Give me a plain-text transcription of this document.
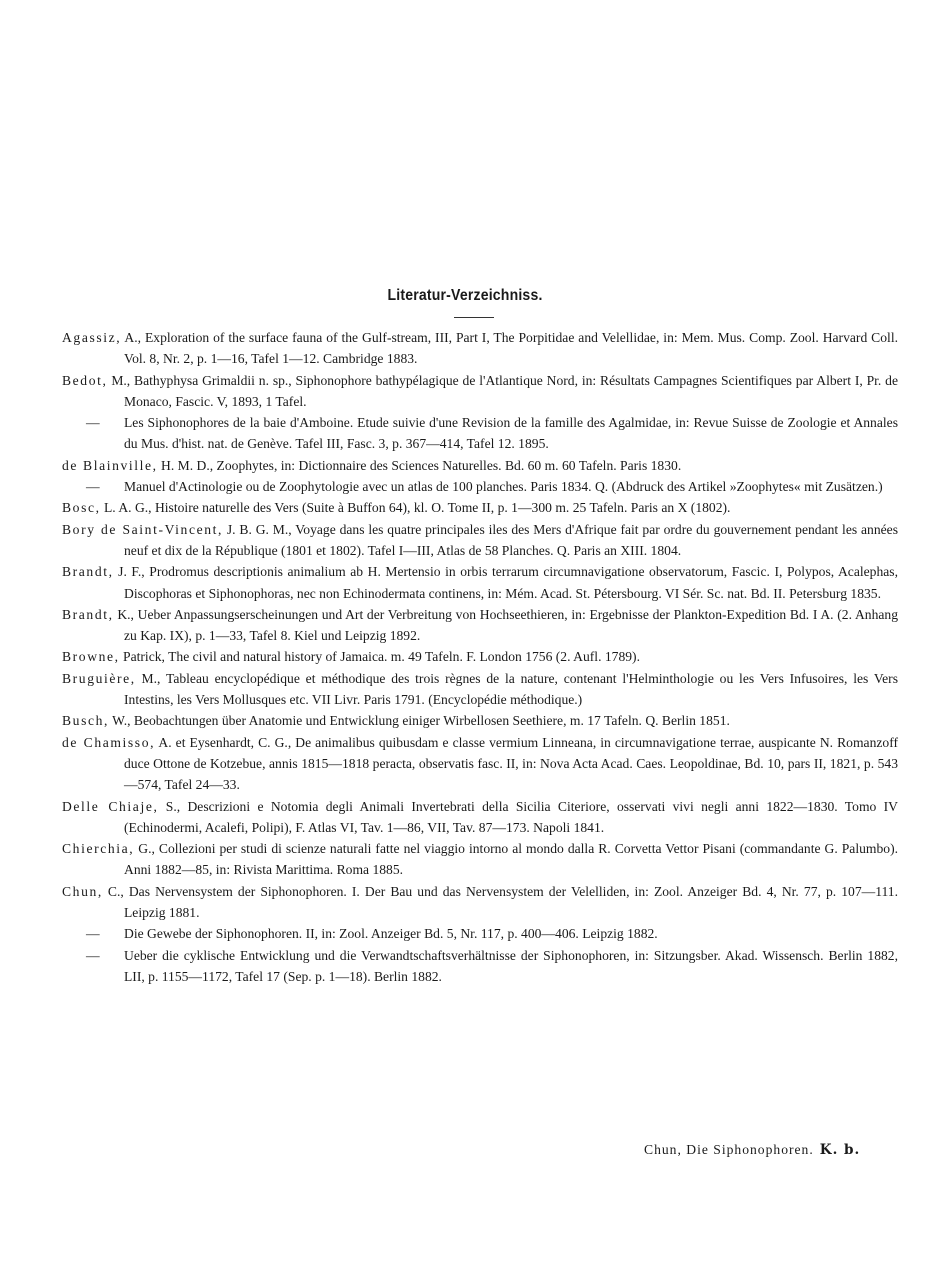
Literatur-Verzeichniss.

Agassiz, A., Exploration of the surface fauna of the Gulf-stream, III, Part I, The Porpitidae and Velellidae, in: Mem. Mus. Comp. Zool. Harvard Coll. Vol. 8, Nr. 2, p. 1—16, Tafel 1—12. Cambridge 1883.

Bedot, M., Bathyphysa Grimaldii n. sp., Siphonophore bathypélagique de l'Atlantique Nord, in: Résultats Campagnes Scientifiques par Albert I, Pr. de Monaco, Fascic. V, 1893, 1 Tafel.

— Les Siphonophores de la baie d'Amboine. Etude suivie d'une Revision de la famille des Agalmidae, in: Revue Suisse de Zoologie et Annales du Mus. d'hist. nat. de Genève. Tafel III, Fasc. 3, p. 367—414, Tafel 12. 1895.

de Blainville, H. M. D., Zoophytes, in: Dictionnaire des Sciences Naturelles. Bd. 60 m. 60 Tafeln. Paris 1830.

— Manuel d'Actinologie ou de Zoophytologie avec un atlas de 100 planches. Paris 1834. Q. (Abdruck des Artikel »Zoophytes« mit Zusätzen.)

Bosc, L. A. G., Histoire naturelle des Vers (Suite à Buffon 64), kl. O. Tome II, p. 1—300 m. 25 Tafeln. Paris an X (1802).

Bory de Saint-Vincent, J. B. G. M., Voyage dans les quatre principales iles des Mers d'Afrique fait par ordre du gouvernement pendant les années neuf et dix de la République (1801 et 1802). Tafel I—III, Atlas de 58 Planches. Q. Paris an XIII. 1804.

Brandt, J. F., Prodromus descriptionis animalium ab H. Mertensio in orbis terrarum circumnavigatione observatorum, Fascic. I, Polypos, Acalephas, Discophoras et Siphonophoras, nec non Echinodermata continens, in: Mém. Acad. St. Pétersbourg. VI Sér. Sc. nat. Bd. II. Petersburg 1835.

Brandt, K., Ueber Anpassungserscheinungen und Art der Verbreitung von Hochseethieren, in: Ergebnisse der Plankton-Expedition Bd. I A. (2. Anhang zu Kap. IX), p. 1—33, Tafel 8. Kiel und Leipzig 1892.

Browne, Patrick, The civil and natural history of Jamaica. m. 49 Tafeln. F. London 1756 (2. Aufl. 1789).

Bruguière, M., Tableau encyclopédique et méthodique des trois règnes de la nature, contenant l'Helminthologie ou les Vers Infusoires, les Vers Intestins, les Vers Mollusques etc. VII Livr. Paris 1791. (Encyclopédie méthodique.)

Busch, W., Beobachtungen über Anatomie und Entwicklung einiger Wirbellosen Seethiere, m. 17 Tafeln. Q. Berlin 1851.

de Chamisso, A. et Eysenhardt, C. G., De animalibus quibusdam e classe vermium Linneana, in circumnavigatione terrae, auspicante N. Romanzoff duce Ottone de Kotzebue, annis 1815—1818 peracta, observatis fasc. II, in: Nova Acta Acad. Caes. Leopoldinae, Bd. 10, pars II, 1821, p. 543—574, Tafel 24—33.

Delle Chiaje, S., Descrizioni e Notomia degli Animali Invertebrati della Sicilia Citeriore, osservati vivi negli anni 1822—1830. Tomo IV (Echinodermi, Acalefi, Polipi), F. Atlas VI, Tav. 1—86, VII, Tav. 87—173. Napoli 1841.

Chierchia, G., Collezioni per studi di scienze naturali fatte nel viaggio intorno al mondo dalla R. Corvetta Vettor Pisani (commandante G. Palumbo). Anni 1882—85, in: Rivista Marittima. Roma 1885.

Chun, C., Das Nervensystem der Siphonophoren. I. Der Bau und das Nervensystem der Velelliden, in: Zool. Anzeiger Bd. 4, Nr. 77, p. 107—111. Leipzig 1881.

— Die Gewebe der Siphonophoren. II, in: Zool. Anzeiger Bd. 5, Nr. 117, p. 400—406. Leipzig 1882.

— Ueber die cyklische Entwicklung und die Verwandtschaftsverhältnisse der Siphonophoren, in: Sitzungsber. Akad. Wissensch. Berlin 1882, LII, p. 1155—1172, Tafel 17 (Sep. p. 1—18). Berlin 1882.

Chun, Die Siphonophoren. K. b.
